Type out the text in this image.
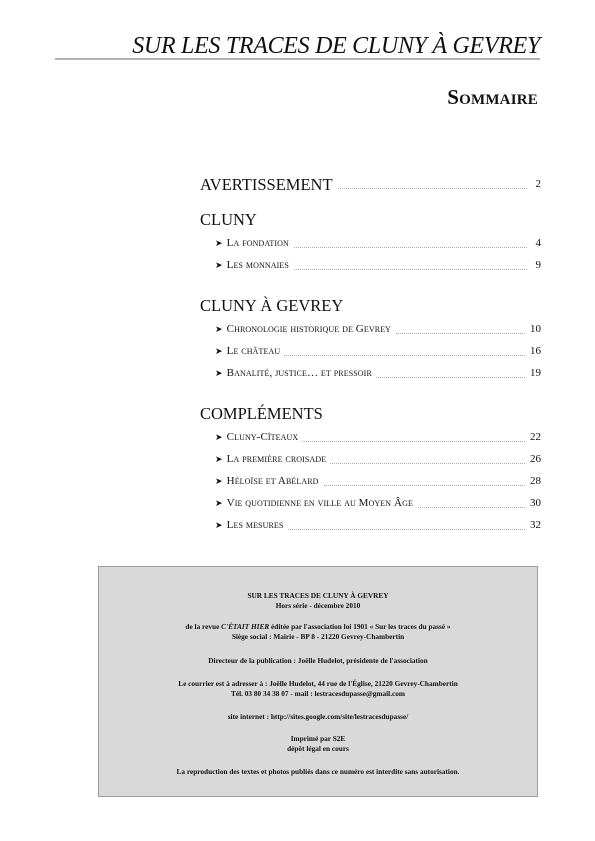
SUR LES TRACES DE CLUNY À GEVREY
Sommaire
AVERTISSEMENT	2
CLUNY
➤ La fondation	4
➤ Les monnaies	9
CLUNY À GEVREY
➤ Chronologie historique de Gevrey	10
➤ Le château	16
➤ Banalité, justice… et pressoir	19
COMPLÉMENTS
➤ Cluny-Cîteaux	22
➤ La première croisade	26
➤ Héloïse et Abélard	28
➤ Vie quotidienne en ville au Moyen Âge	30
➤ Les mesures	32
SUR LES TRACES DE CLUNY À GEVREY
Hors série - décembre 2010
de la revue C'ÉTAIT HIER éditée par l'association loi 1901 « Sur les traces du passé »
Siège social : Mairie - BP 8 - 21220 Gevrey-Chambertin
Directeur de la publication : Joëlle Hudelot, présidente de l'association
Le courrier est à adresser à : Joëlle Hudelot, 44 rue de l'Église, 21220 Gevrey-Chambertin
Tél. 03 80 34 38 07 - mail : lestracesdupasse@gmail.com
site internet : http://sites.google.com/site/lestracesdupasse/
Imprimé par S2E
dépôt légal en cours
La reproduction des textes et photos publiés dans ce numéro est interdite sans autorisation.
